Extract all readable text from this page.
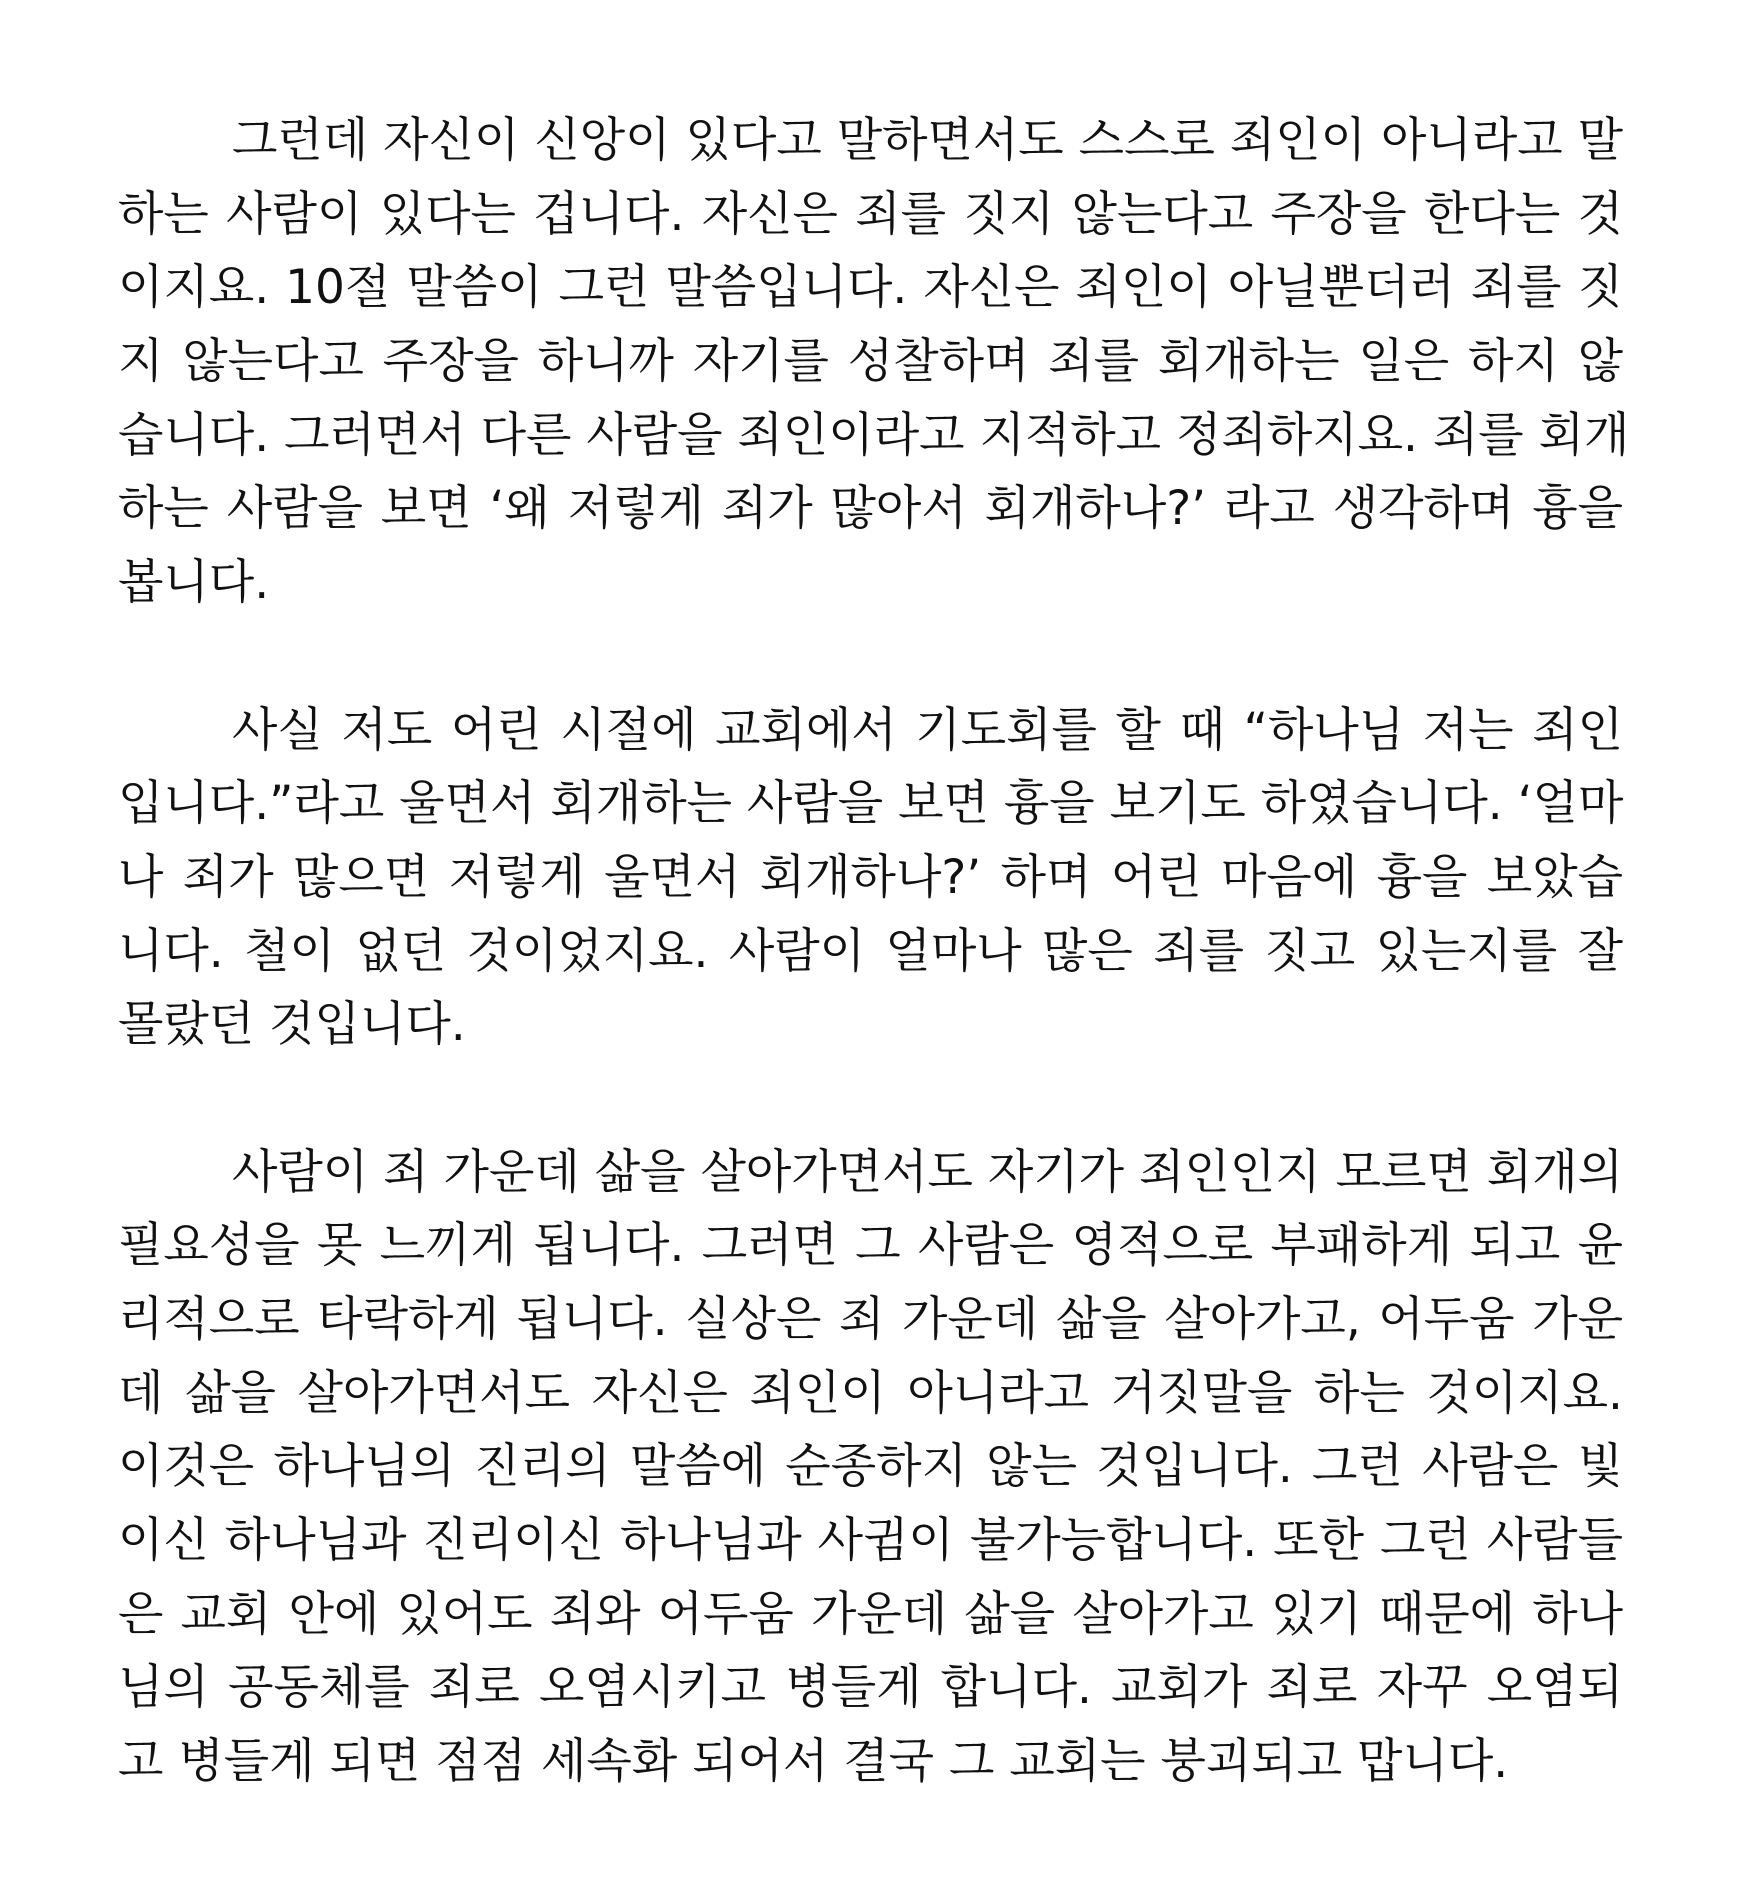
그런데 자신이 신앙이 있다고 말하면서도 스스로 죄인이 아니라고 말
하는 사람이 있다는 겁니다. 자신은 죄를 짓지 않는다고 주장을 한다는 것
이지요. 10절 말씀이 그런 말씀입니다. 자신은 죄인이 아닐뿐더러 죄를 짓
지 않는다고 주장을 하니까 자기를 성찰하며 죄를 회개하는 일은 하지 않
습니다. 그러면서 다른 사람을 죄인이라고 지적하고 정죄하지요. 죄를 회개
하는 사람을 보면 ‘왜 저렇게 죄가 많아서 회개하나?’ 라고 생각하며 흉을
봅니다.
사실 저도 어린 시절에 교회에서 기도회를 할 때 “하나님 저는 죄인
입니다.”라고 울면서 회개하는 사람을 보면 흉을 보기도 하였습니다. ‘얼마
나 죄가 많으면 저렇게 울면서 회개하나?’ 하며 어린 마음에 흉을 보았습
니다. 철이 없던 것이었지요. 사람이 얼마나 많은 죄를 짓고 있는지를 잘
몰랐던 것입니다.
사람이 죄 가운데 삶을 살아가면서도 자기가 죄인인지 모르면 회개의
필요성을 못 느끼게 됩니다. 그러면 그 사람은 영적으로 부패하게 되고 윤
리적으로 타락하게 됩니다. 실상은 죄 가운데 삶을 살아가고, 어두움 가운
데 삶을 살아가면서도 자신은 죄인이 아니라고 거짓말을 하는 것이지요.
이것은 하나님의 진리의 말씀에 순종하지 않는 것입니다. 그런 사람은 빛
이신 하나님과 진리이신 하나님과 사귐이 불가능합니다. 또한 그런 사람들
은 교회 안에 있어도 죄와 어두움 가운데 삶을 살아가고 있기 때문에 하나
님의 공동체를 죄로 오염시키고 병들게 합니다. 교회가 죄로 자꾸 오염되
고 병들게 되면 점점 세속화 되어서 결국 그 교회는 붕괴되고 맙니다.
